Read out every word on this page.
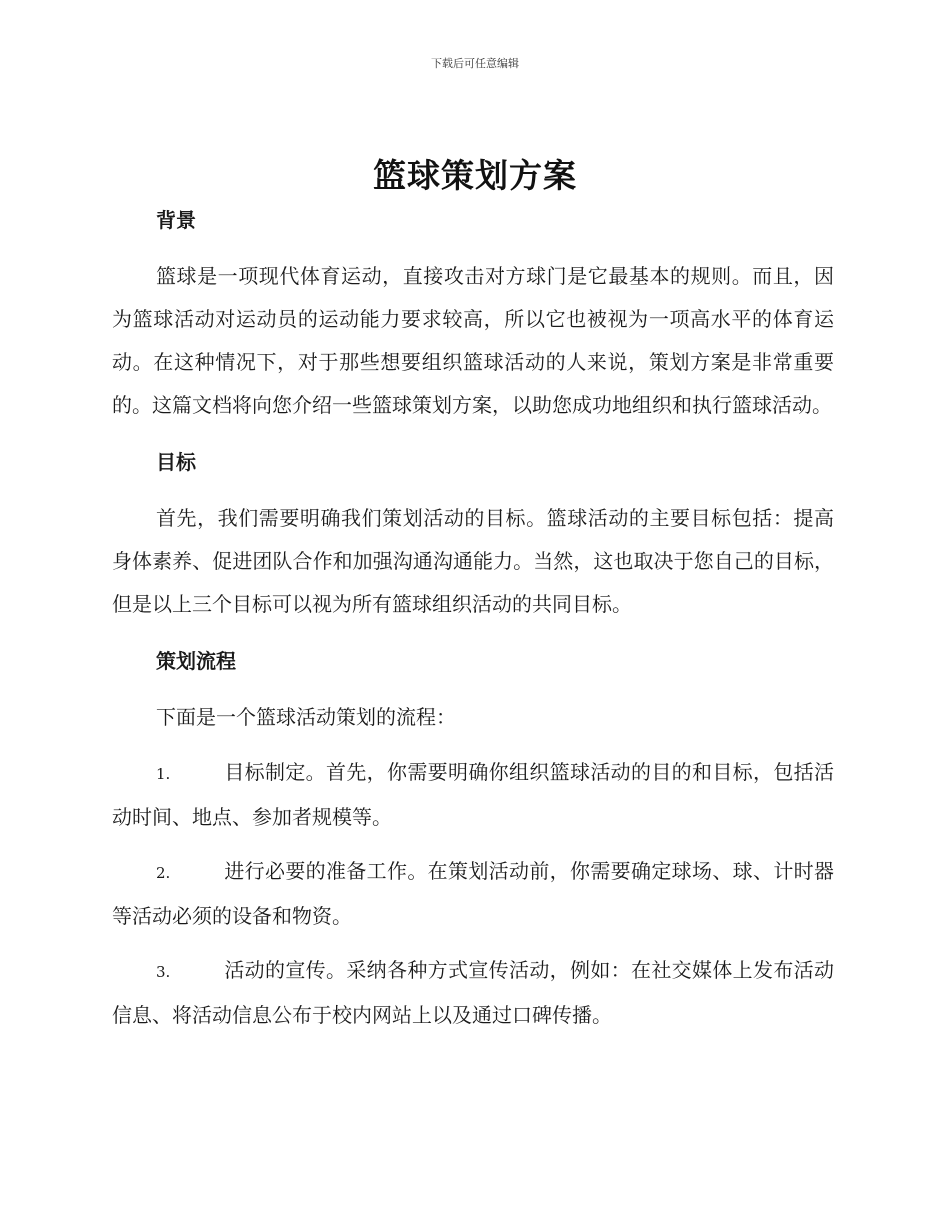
下载后可任意编辑
篮球策划方案
背景

篮球是一项现代体育运动，直接攻击对方球门是它最基本的规则。而且，因为篮球活动对运动员的运动能力要求较高，所以它也被视为一项高水平的体育运动。在这种情况下，对于那些想要组织篮球活动的人来说，策划方案是非常重要的。这篇文档将向您介绍一些篮球策划方案，以助您成功地组织和执行篮球活动。

目标

首先，我们需要明确我们策划活动的目标。篮球活动的主要目标包括：提高身体素养、促进团队合作和加强沟通沟通能力。当然，这也取决于您自己的目标，但是以上三个目标可以视为所有篮球组织活动的共同目标。

策划流程

下面是一个篮球活动策划的流程：

1.	目标制定。首先，你需要明确你组织篮球活动的目的和目标，包括活动时间、地点、参加者规模等。

2.	进行必要的准备工作。在策划活动前，你需要确定球场、球、计时器等活动必须的设备和物资。

3.	活动的宣传。采纳各种方式宣传活动，例如：在社交媒体上发布活动信息、将活动信息公布于校内网站上以及通过口碑传播。
